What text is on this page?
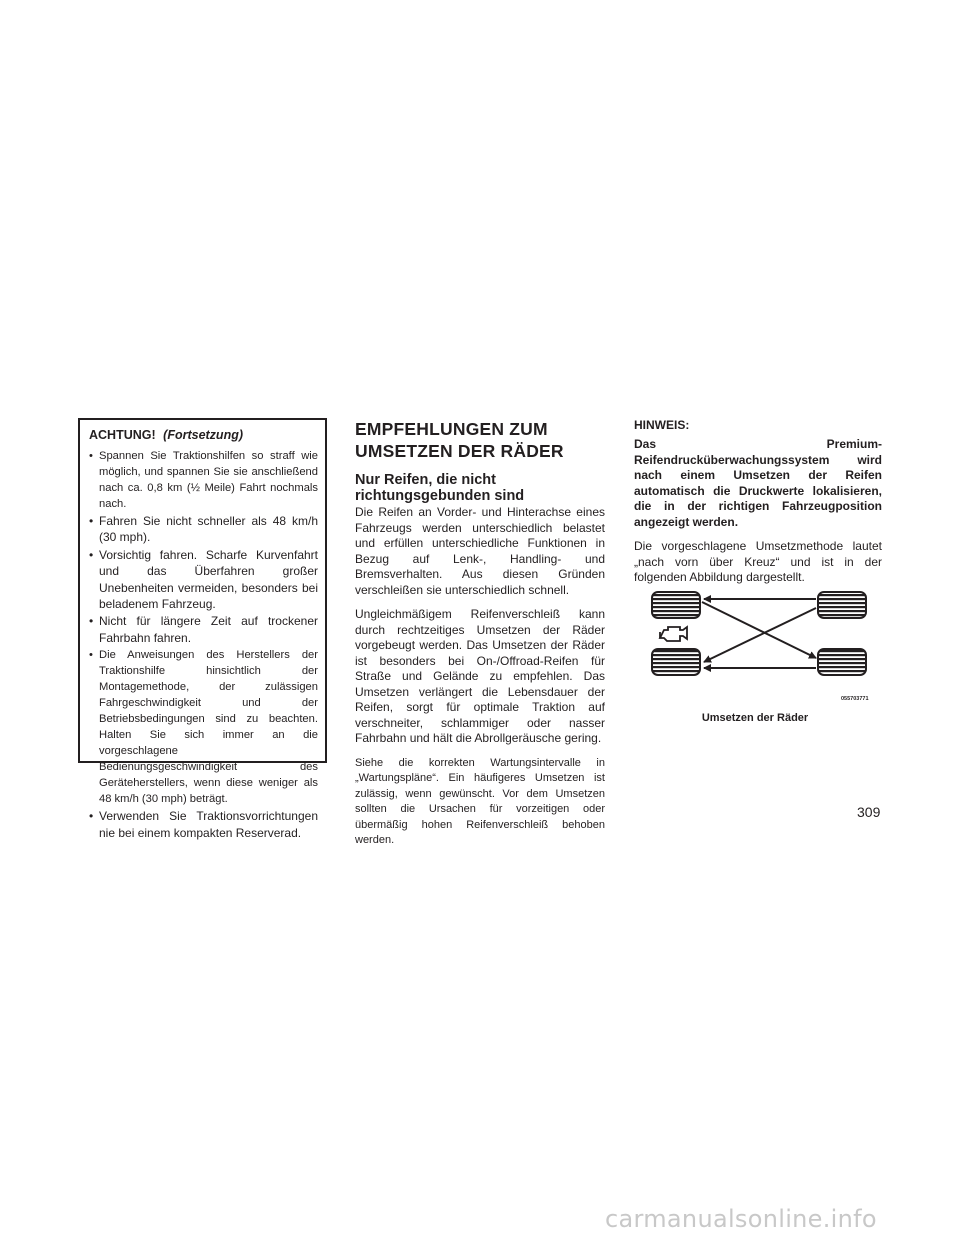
ACHTUNG! (Fortsetzung)
• Spannen Sie Traktionshilfen so straff wie möglich, und spannen Sie sie anschließend nach ca. 0,8 km (½ Meile) Fahrt nochmals nach.
• Fahren Sie nicht schneller als 48 km/h (30 mph).
• Vorsichtig fahren. Scharfe Kurvenfahrt und das Überfahren großer Unebenheiten vermeiden, besonders bei beladenem Fahrzeug.
• Nicht für längere Zeit auf trockener Fahrbahn fahren.
• Die Anweisungen des Herstellers der Traktionshilfe hinsichtlich der Montagemethode, der zulässigen Fahrgeschwindigkeit und der Betriebsbedingungen sind zu beachten. Halten Sie sich immer an die vorgeschlagene Bedienungsgeschwindigkeit des Geräteherstellers, wenn diese weniger als 48 km/h (30 mph) beträgt.
• Verwenden Sie Traktionsvorrichtungen nie bei einem kompakten Reserverad.
EMPFEHLUNGEN ZUM UMSETZEN DER RÄDER
Nur Reifen, die nicht richtungsgebunden sind

Die Reifen an Vorder- und Hinterachse eines Fahrzeugs werden unterschiedlich belastet und erfüllen unterschiedliche Funktionen in Bezug auf Lenk-, Handling- und Bremsverhalten. Aus diesen Gründen verschleißen sie unterschiedlich schnell.

Ungleichmäßigem Reifenverschleiß kann durch rechtzeitiges Umsetzen der Räder vorgebeugt werden. Das Umsetzen der Räder ist besonders bei On-/Offroad-Reifen für Straße und Gelände zu empfehlen. Das Umsetzen verlängert die Lebensdauer der Reifen, sorgt für optimale Traktion auf verschneiter, schlammiger oder nasser Fahrbahn und hält die Abrollgeräusche gering.

Siehe die korrekten Wartungsintervalle in „Wartungspläne“. Ein häufigeres Umsetzen ist zulässig, wenn gewünscht. Vor dem Umsetzen sollten die Ursachen für vorzeitigen oder übermäßig hohen Reifenverschleiß behoben werden.

HINWEIS:

Das Premium-Reifendrucküberwachungssystem wird nach einem Umsetzen der Reifen automatisch die Druckwerte lokalisieren, die in der richtigen Fahrzeugposition angezeigt werden.

Die vorgeschlagene Umsetzmethode lautet „nach vorn über Kreuz“ und ist in der folgenden Abbildung dargestellt.

055703771
Umsetzen der Räder
309
carmanualsonline.info
